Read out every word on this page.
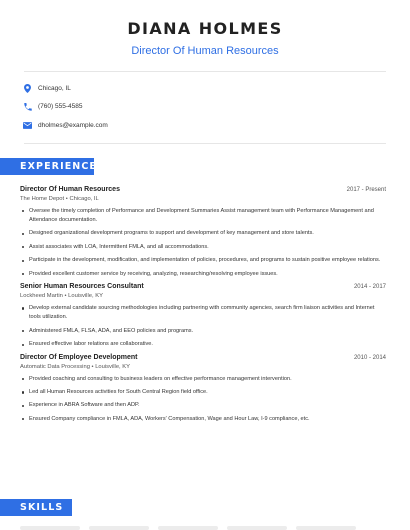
DIANA HOLMES
Director Of Human Resources
Chicago, IL
(760) 555-4585
dholmes@example.com
EXPERIENCE
Director Of Human Resources	2017 - Present
The Home Depot • Chicago, IL
Oversee the timely completion of Performance and Development Summaries Assist management team with Performance Management and Attendance documentation.
Designed organizational development programs to support and development of key management and store talents.
Assist associates with LOA, Intermittent FMLA, and all accommodations.
Participate in the development, modification, and implementation of policies, procedures, and programs to sustain positive employee relations.
Provided excellent customer service by receiving, analyzing, researching/resolving employee issues.
Senior Human Resources Consultant	2014 - 2017
Lockheed Martin • Louisville, KY
Develop external candidate sourcing methodologies including partnering with community agencies, search firm liaison activities and Internet tools utilization.
Administered FMLA, FLSA, ADA, and EEO policies and programs.
Ensured effective labor relations are collaborative.
Director Of Employee Development	2010 - 2014
Automatic Data Processing • Louisville, KY
Provided coaching and consulting to business leaders on effective performance management intervention.
Led all Human Resources activities for South Central Region field office.
Experience in ABRA Software and then ADP.
Ensured Company compliance in FMLA, ADA, Workers' Compensation, Wage and Hour Law, I-9 compliance, etc.
SKILLS
